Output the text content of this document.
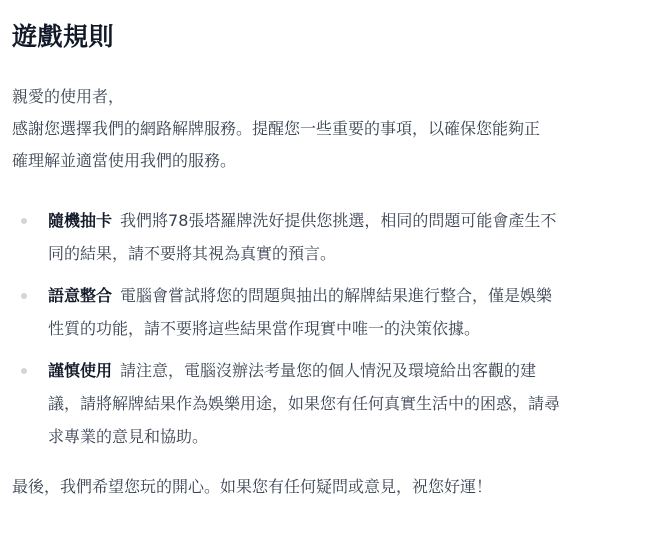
遊戲規則
親愛的使用者，
感謝您選擇我們的網路解牌服務。提醒您一些重要的事項，以確保您能夠正
確理解並適當使用我們的服務。
隨機抽卡 我們將78張塔羅牌洗好提供您挑選，相同的問題可能會產生不
同的結果，請不要將其視為真實的預言。
語意整合 電腦會嘗試將您的問題與抽出的解牌結果進行整合，僅是娛樂
性質的功能，請不要將這些結果當作現實中唯一的決策依據。
謹慎使用 請注意，電腦沒辦法考量您的個人情況及環境給出客觀的建
議，請將解牌結果作為娛樂用途，如果您有任何真實生活中的困惑，請尋
求專業的意見和協助。
最後，我們希望您玩的開心。如果您有任何疑問或意見，祝您好運！
